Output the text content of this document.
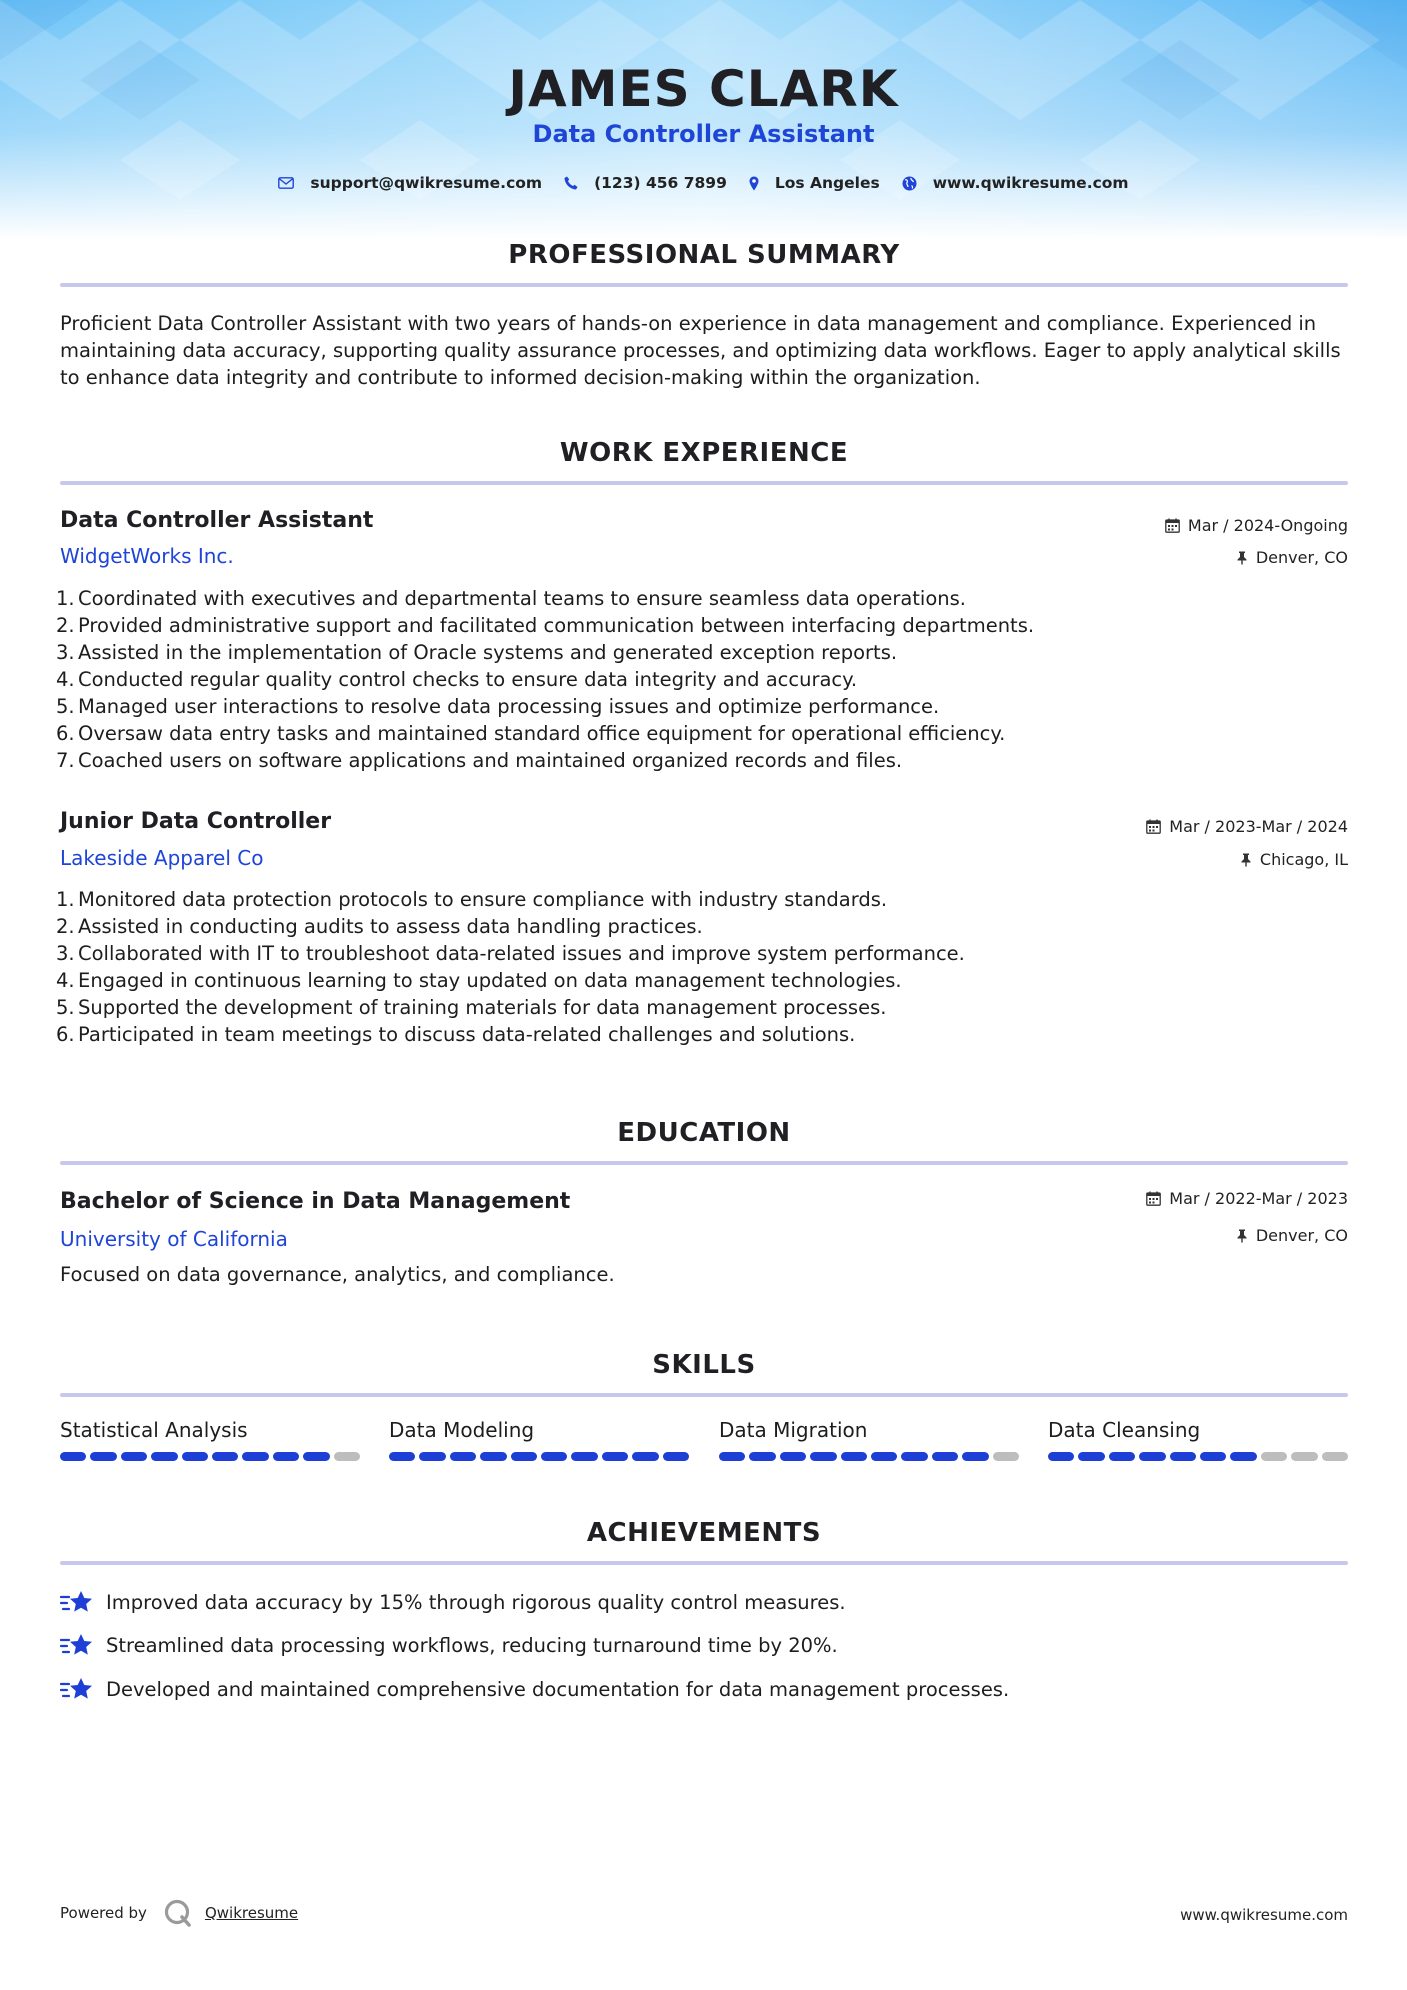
JAMES CLARK
Data Controller Assistant
support@qwikresume.com	(123) 456 7899	Los Angeles	www.qwikresume.com
PROFESSIONAL SUMMARY
Proficient Data Controller Assistant with two years of hands-on experience in data management and compliance. Experienced in maintaining data accuracy, supporting quality assurance processes, and optimizing data workflows. Eager to apply analytical skills to enhance data integrity and contribute to informed decision-making within the organization.
WORK EXPERIENCE
Data Controller Assistant
WidgetWorks Inc.
Mar / 2024-Ongoing
Denver, CO
1. Coordinated with executives and departmental teams to ensure seamless data operations.
2. Provided administrative support and facilitated communication between interfacing departments.
3. Assisted in the implementation of Oracle systems and generated exception reports.
4. Conducted regular quality control checks to ensure data integrity and accuracy.
5. Managed user interactions to resolve data processing issues and optimize performance.
6. Oversaw data entry tasks and maintained standard office equipment for operational efficiency.
7. Coached users on software applications and maintained organized records and files.
Junior Data Controller
Lakeside Apparel Co
Mar / 2023-Mar / 2024
Chicago, IL
1. Monitored data protection protocols to ensure compliance with industry standards.
2. Assisted in conducting audits to assess data handling practices.
3. Collaborated with IT to troubleshoot data-related issues and improve system performance.
4. Engaged in continuous learning to stay updated on data management technologies.
5. Supported the development of training materials for data management processes.
6. Participated in team meetings to discuss data-related challenges and solutions.
EDUCATION
Bachelor of Science in Data Management
University of California
Mar / 2022-Mar / 2023
Denver, CO
Focused on data governance, analytics, and compliance.
SKILLS
Statistical Analysis	Data Modeling	Data Migration	Data Cleansing
ACHIEVEMENTS
Improved data accuracy by 15% through rigorous quality control measures.
Streamlined data processing workflows, reducing turnaround time by 20%.
Developed and maintained comprehensive documentation for data management processes.
Powered by	Qwikresume	www.qwikresume.com
